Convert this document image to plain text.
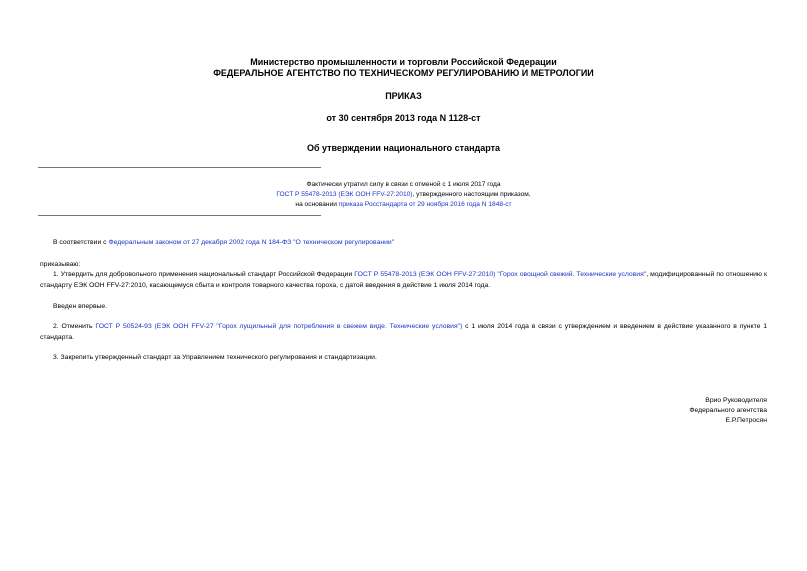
Министерство промышленности и торговли Российской Федерации
ФЕДЕРАЛЬНОЕ АГЕНТСТВО ПО ТЕХНИЧЕСКОМУ РЕГУЛИРОВАНИЮ И МЕТРОЛОГИИ
ПРИКАЗ
от 30 сентября 2013 года N 1128-ст
Об утверждении национального стандарта
Фактически утратил силу в связи с отменой с 1 июля 2017 года
ГОСТ Р 55478-2013 (ЕЭК ООН FFV-27:2010), утвержденного настоящим приказом,
на основании приказа Росстандарта от 29 ноября 2016 года N 1848-ст
В соответствии с Федеральным законом от 27 декабря 2002 года N 184-ФЗ "О техническом регулировании"
приказываю:
1. Утвердить для добровольного применения национальный стандарт Российской Федерации ГОСТ Р 55478-2013 (ЕЭК ООН FFV-27:2010) "Горох овощной свежий. Технические условия", модифицированный по отношению к стандарту ЕЭК ООН FFV-27:2010, касающемуся сбыта и контроля товарного качества гороха, с датой введения в действие 1 июля 2014 года.
Введен впервые.
2. Отменить ГОСТ Р 50524-93 (ЕЭК ООН FFV-27 "Горох лущильный для потребления в свежем виде. Технические условия") с 1 июля 2014 года в связи с утверждением и введением в действие указанного в пункте 1 стандарта.
3. Закрепить утвержденный стандарт за Управлением технического регулирования и стандартизации.
Врио Руководителя
Федерального агентства
Е.Р.Петросян
